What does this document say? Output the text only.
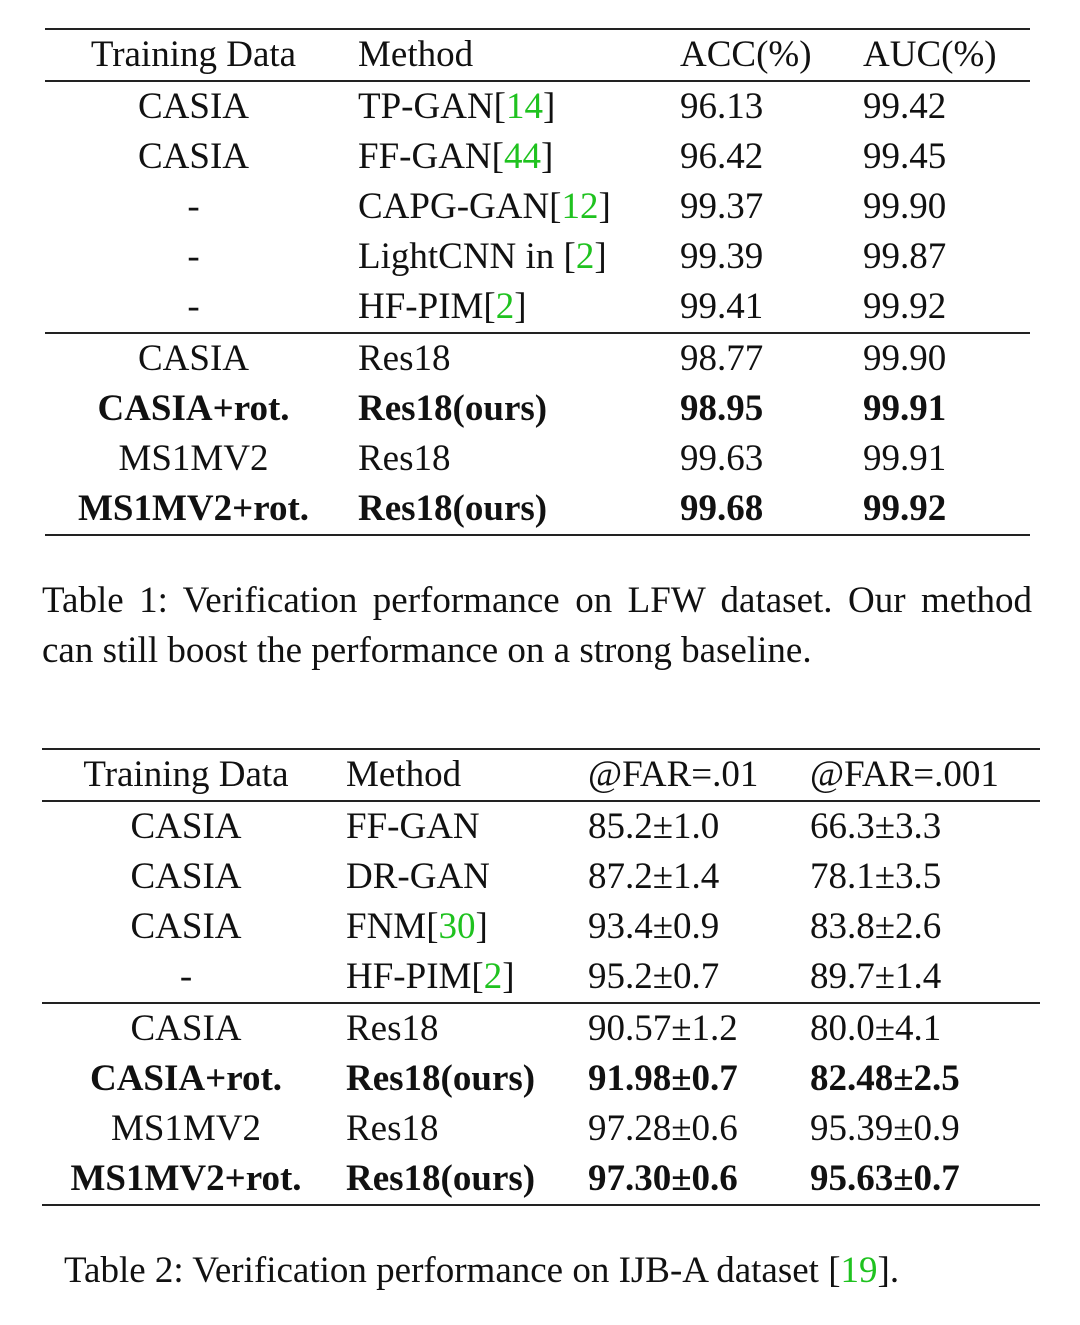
Training Data	Method	ACC(%)	AUC(%)
CASIA	TP-GAN[14]	96.13	99.42
CASIA	FF-GAN[44]	96.42	99.45
-	CAPG-GAN[12]	99.37	99.90
-	LightCNN in [2]	99.39	99.87
-	HF-PIM[2]	99.41	99.92
CASIA	Res18	98.77	99.90
CASIA+rot.	Res18(ours)	98.95	99.91
MS1MV2	Res18	99.63	99.91
MS1MV2+rot.	Res18(ours)	99.68	99.92
Table 1: Verification performance on LFW dataset. Our method can still boost the performance on a strong baseline.
Training Data	Method	@FAR=.01	@FAR=.001
CASIA	FF-GAN	85.2±1.0	66.3±3.3
CASIA	DR-GAN	87.2±1.4	78.1±3.5
CASIA	FNM[30]	93.4±0.9	83.8±2.6
-	HF-PIM[2]	95.2±0.7	89.7±1.4
CASIA	Res18	90.57±1.2	80.0±4.1
CASIA+rot.	Res18(ours)	91.98±0.7	82.48±2.5
MS1MV2	Res18	97.28±0.6	95.39±0.9
MS1MV2+rot.	Res18(ours)	97.30±0.6	95.63±0.7
Table 2: Verification performance on IJB-A dataset [19].
